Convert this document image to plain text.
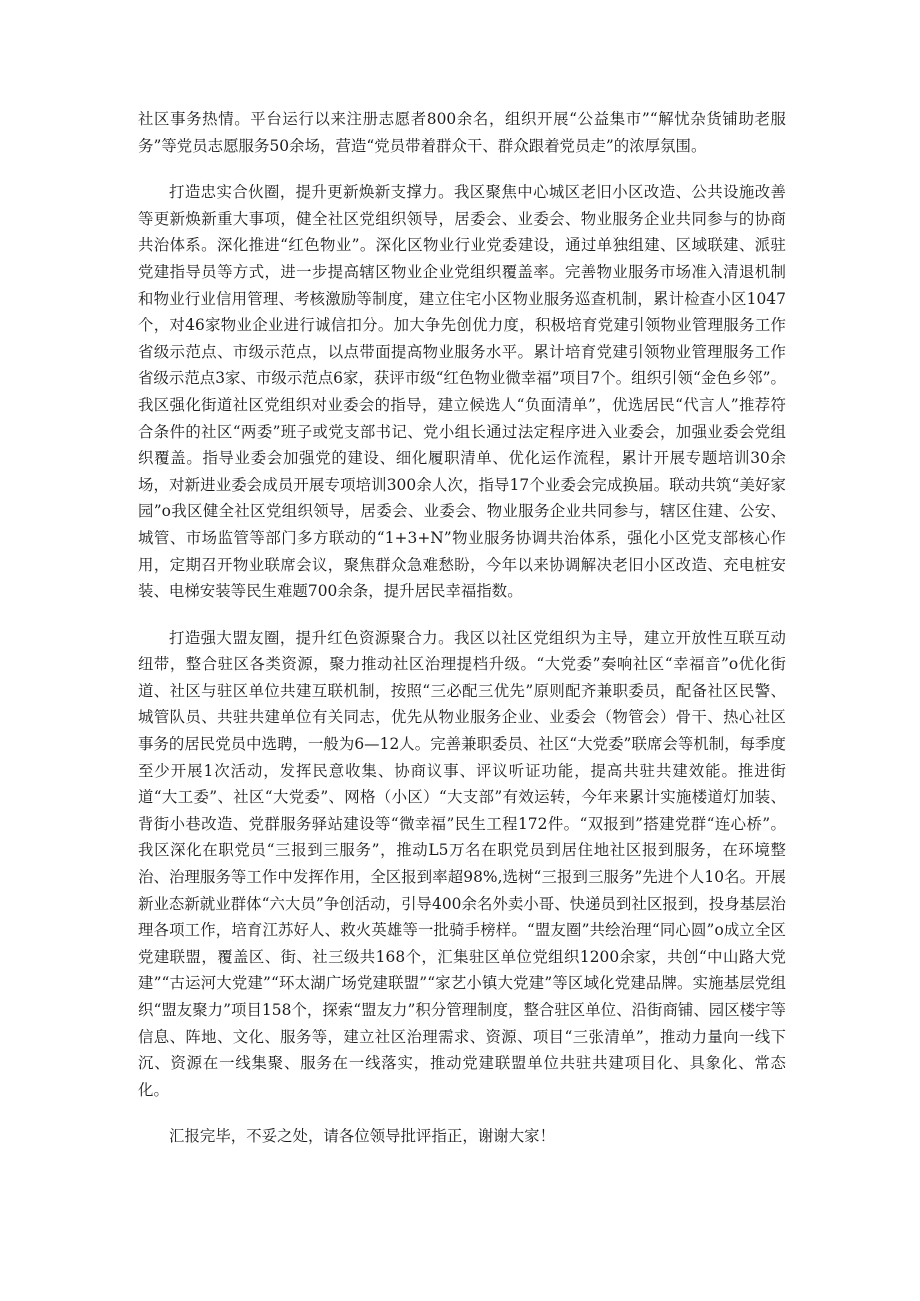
社区事务热情。平台运行以来注册志愿者800余名，组织开展“公益集市”“解忧杂货铺助老服务”等党员志愿服务50余场，营造“党员带着群众干、群众跟着党员走”的浓厚氛围。

打造忠实合伙圈，提升更新焕新支撑力。我区聚焦中心城区老旧小区改造、公共设施改善等更新焕新重大事项，健全社区党组织领导，居委会、业委会、物业服务企业共同参与的协商共治体系。深化推进“红色物业”。深化区物业行业党委建设，通过单独组建、区域联建、派驻党建指导员等方式，进一步提高辖区物业企业党组织覆盖率。完善物业服务市场准入清退机制和物业行业信用管理、考核激励等制度，建立住宅小区物业服务巡查机制，累计检查小区1047个，对46家物业企业进行诚信扣分。加大争先创优力度，积极培育党建引领物业管理服务工作省级示范点、市级示范点，以点带面提高物业服务水平。累计培育党建引领物业管理服务工作省级示范点3家、市级示范点6家，获评市级“红色物业微幸福”项目7个。组织引领“金色乡邻”。我区强化街道社区党组织对业委会的指导，建立候选人“负面清单”，优选居民“代言人”推荐符合条件的社区“两委”班子或党支部书记、党小组长通过法定程序进入业委会，加强业委会党组织覆盖。指导业委会加强党的建设、细化履职清单、优化运作流程，累计开展专题培训30余场，对新进业委会成员开展专项培训300余人次，指导17个业委会完成换届。联动共筑“美好家园”o我区健全社区党组织领导，居委会、业委会、物业服务企业共同参与，辖区住建、公安、城管、市场监管等部门多方联动的“1+3+N”物业服务协调共治体系，强化小区党支部核心作用，定期召开物业联席会议，聚焦群众急难愁盼，今年以来协调解决老旧小区改造、充电桩安装、电梯安装等民生难题700余条，提升居民幸福指数。

打造强大盟友圈，提升红色资源聚合力。我区以社区党组织为主导，建立开放性互联互动纽带，整合驻区各类资源，聚力推动社区治理提档升级。“大党委”奏响社区“幸福音”o优化街道、社区与驻区单位共建互联机制，按照“三必配三优先”原则配齐兼职委员，配备社区民警、城管队员、共驻共建单位有关同志，优先从物业服务企业、业委会（物管会）骨干、热心社区事务的居民党员中选聘，一般为6—12人。完善兼职委员、社区“大党委”联席会等机制，每季度至少开展1次活动，发挥民意收集、协商议事、评议听证功能，提高共驻共建效能。推进街道“大工委”、社区“大党委”、网格（小区）“大支部”有效运转，今年来累计实施楼道灯加装、背街小巷改造、党群服务驿站建设等“微幸福”民生工程172件。“双报到”搭建党群“连心桥”。我区深化在职党员“三报到三服务”，推动L5万名在职党员到居住地社区报到服务，在环境整治、治理服务等工作中发挥作用，全区报到率超98%,选树“三报到三服务”先进个人10名。开展新业态新就业群体“六大员”争创活动，引导400余名外卖小哥、快递员到社区报到，投身基层治理各项工作，培育江苏好人、救火英雄等一批骑手榜样。“盟友圈”共绘治理“同心圆”o成立全区党建联盟，覆盖区、街、社三级共168个，汇集驻区单位党组织1200余家，共创“中山路大党建”“古运河大党建”“环太湖广场党建联盟”“家艺小镇大党建”等区域化党建品牌。实施基层党组织“盟友聚力”项目158个，探索“盟友力”积分管理制度，整合驻区单位、沿街商铺、园区楼宇等信息、阵地、文化、服务等，建立社区治理需求、资源、项目“三张清单”，推动力量向一线下沉、资源在一线集聚、服务在一线落实，推动党建联盟单位共驻共建项目化、具象化、常态化。

汇报完毕，不妥之处，请各位领导批评指正，谢谢大家！
